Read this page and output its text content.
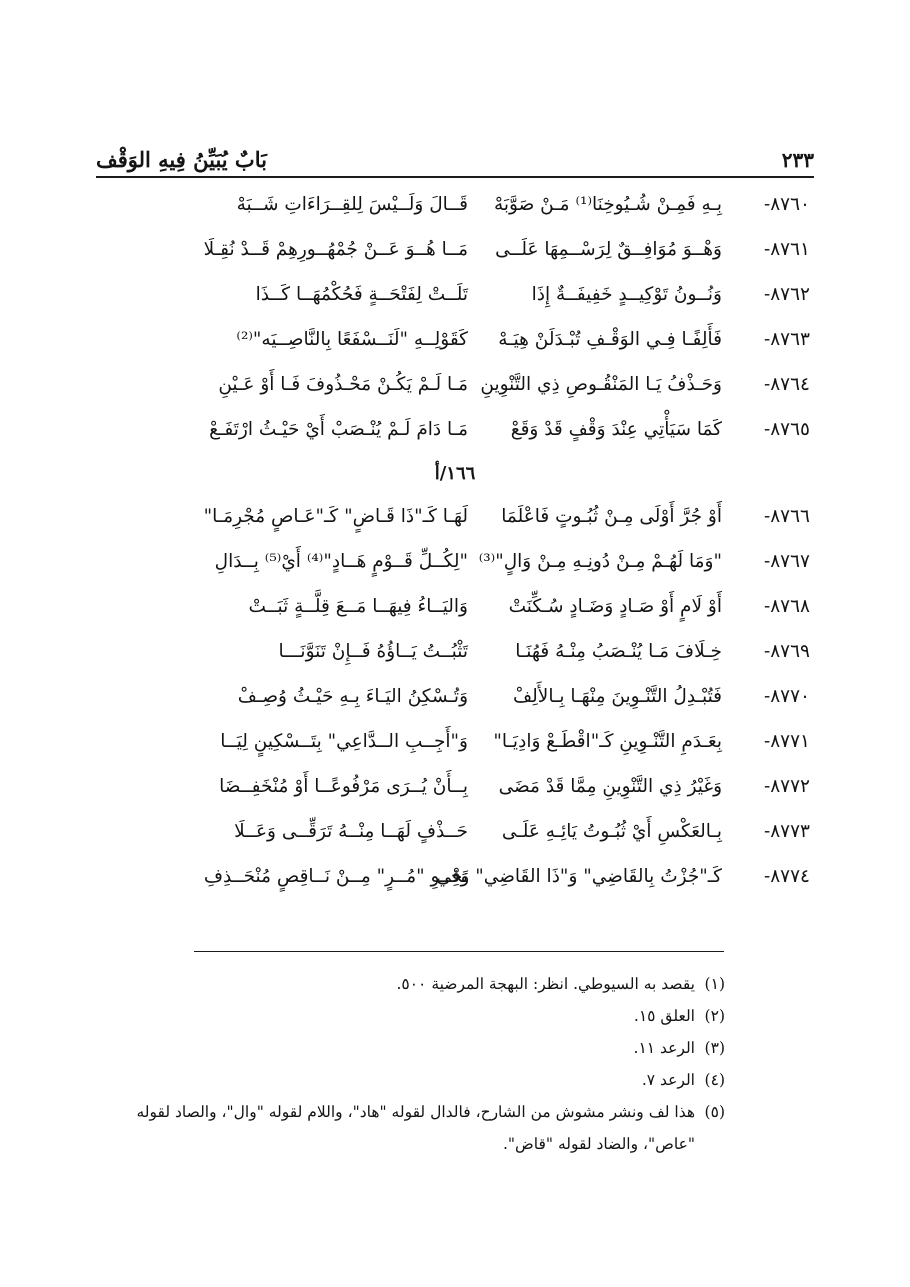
بَابٌ يُبَيِّنُ فِيهِ الوَقْف	٢٣٣
٨٧٦٠-
بِـهِ فَمِـنْ شُـيُوخِنَا⁽¹⁾ مَـنْ صَوَّبَهْ
قَــالَ وَلَــيْسَ لِلقِــرَاءَاتِ شَــبَهْ
٨٧٦١-
وَهْــوَ مُوَافِــقٌ لِرَسْــمِهَا عَلَــى
مَــا هُــوَ عَــنْ جُمْهُــورِهِمْ قَــدْ نُقِـلَا
٨٧٦٢-
وَنُــونُ تَوْكِيــدٍ خَفِيفَــةٌ إِذَا
تَلَــتْ لِفَتْحَــةٍ فَحُكْمُهَــا كَــذَا
٨٧٦٣-
فَأَلِفًـا فِـي الوَقْـفِ تُبْـدَلَنْ هِيَـهْ
كَقَوْلِــهِ "لَنَــسْفَعًا بِالنَّاصِــيَه"⁽²⁾
٨٧٦٤-
وَحَـذْفُ يَـا المَنْقُـوصِ ذِي التَّنْوِينِ
مَـا لَـمْ يَكُـنْ مَحْـذُوفَ فَـا أَوْ عَـيْنِ
٨٧٦٥-
كَمَا سَيَأْتِي عِنْدَ وَقْفٍ قَدْ وَقَعْ
مَـا دَامَ لَـمْ يُنْـصَبْ أَيْ حَيْـثُ ارْتَفَـعْ
١٦٦/أ
٨٧٦٦-
أَوْ جُرَّ أَوْلَى مِـنْ ثُبُـوتٍ فَاعْلَمَا
لَهَـا كَـ"ذَا قَـاضٍ" كَـ"عَـاصٍ مُجْرِمَـا"
٨٧٦٧-
"وَمَا لَهُـمْ مِـنْ دُونِـهِ مِـنْ وَالٍ"⁽³⁾
"لِكُــلِّ قَــوْمٍ هَــادٍ"⁽⁴⁾ أَيْ⁽⁵⁾ بِــدَالِ
٨٧٦٨-
أَوْ لَامٍ أَوْ صَـادٍ وَضَـادٍ سُـكِّنَتْ
وَاليَــاءُ فِيهَــا مَــعَ قِلَّــةٍ ثَبَــتْ
٨٧٦٩-
خِـلَافَ مَـا يُنْـصَبُ مِنْـهُ فَهُنَـا
تَثْبُــتُ يَــاؤُهُ فَــإِنْ تَنَوَّنَـــا
٨٧٧٠-
فَتُبْـدِلُ التَّنْـوِينَ مِنْهَـا بِـالأَلِفْ
وَتُـسْكِنُ اليَـاءَ بِـهِ حَيْـثُ وُصِـفْ
٨٧٧١-
بِعَـدَمِ التَّنْـوِينِ كَـ"اقْطَـعْ وَادِيَـا"
وَ"أَجِــبِ الــدَّاعِي" بِتَــسْكِينٍ لِيَــا
٨٧٧٢-
وَغَيْرُ ذِي التَّنْوِينِ مِمَّا قَدْ مَضَى
بِــأَنْ يُــرَى مَرْفُوعًــا أَوْ مُنْخَفِــضَا
٨٧٧٣-
بِـالعَكْسِ أَيْ ثُبُـوتُ يَائِـهِ عَلَـى
حَــذْفٍ لَهَــا مِنْــهُ تَرَقِّــى وَعَــلَا
٨٧٧٤-
كَـ"جُزْتُ بِالقَاضِي" وَ"ذَا القَاضِي" وَفِي
نَحْــوِ "مُــرٍ" مِــنْ نَــاقِصٍ مُنْحَــذِفِ
(١)
يقصد به السيوطي. انظر: البهجة المرضية ٥٠٠.
(٢)
العلق ١٥.
(٣)
الرعد ١١.
(٤)
الرعد ٧.
(٥)
هذا لف ونشر مشوش من الشارح، فالدال لقوله "هاد"، واللام لقوله "وال"، والصاد لقوله
"عاص"، والضاد لقوله "قاض".
